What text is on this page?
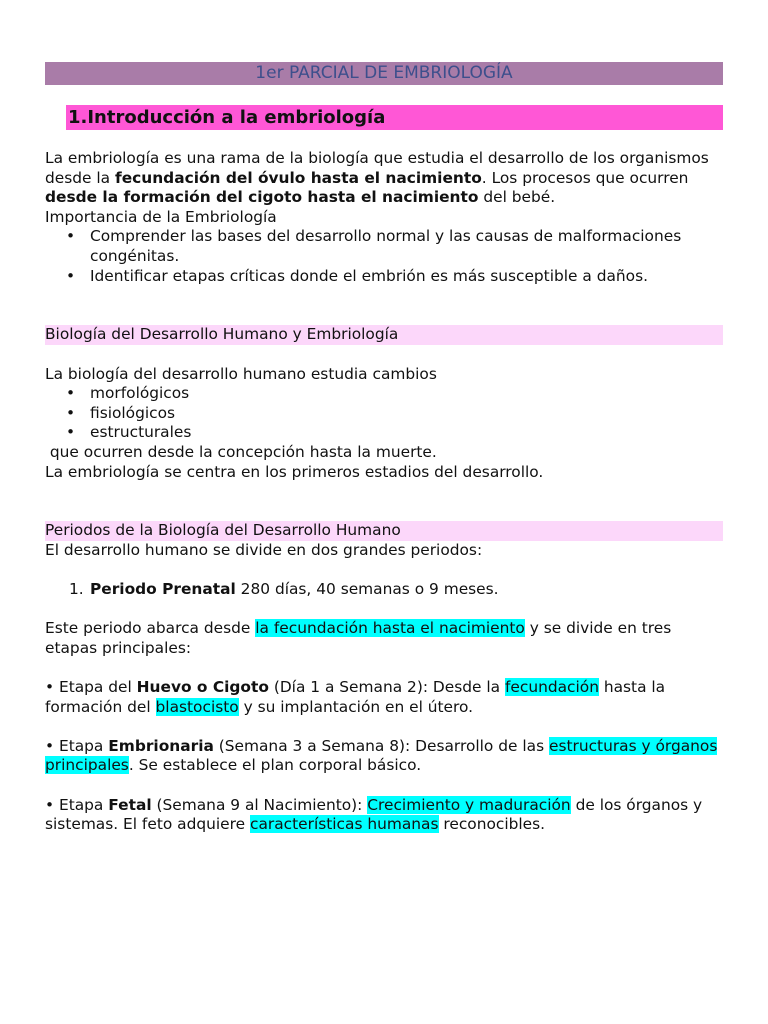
1er PARCIAL DE EMBRIOLOGÍA
1.Introducción a la embriología

La embriología es una rama de la biología que estudia el desarrollo de los organismos desde la fecundación del óvulo hasta el nacimiento. Los procesos que ocurren desde la formación del cigoto hasta el nacimiento del bebé.

Importancia de la Embriología

• Comprender las bases del desarrollo normal y las causas de malformaciones congénitas.
• Identificar etapas críticas donde el embrión es más susceptible a daños.

Biología del Desarrollo Humano y Embriología

La biología del desarrollo humano estudia cambios

• morfológicos
• fisiológicos
• estructurales

que ocurren desde la concepción hasta la muerte.

La embriología se centra en los primeros estadios del desarrollo.

Periodos de la Biología del Desarrollo Humano

El desarrollo humano se divide en dos grandes periodos:

1. Periodo Prenatal 280 días, 40 semanas o 9 meses.

Este periodo abarca desde la fecundación hasta el nacimiento y se divide en tres etapas principales:

• Etapa del Huevo o Cigoto (Día 1 a Semana 2): Desde la fecundación hasta la formación del blastocisto y su implantación en el útero.

• Etapa Embrionaria (Semana 3 a Semana 8): Desarrollo de las estructuras y órganos principales. Se establece el plan corporal básico.

• Etapa Fetal (Semana 9 al Nacimiento): Crecimiento y maduración de los órganos y sistemas. El feto adquiere características humanas reconocibles.
